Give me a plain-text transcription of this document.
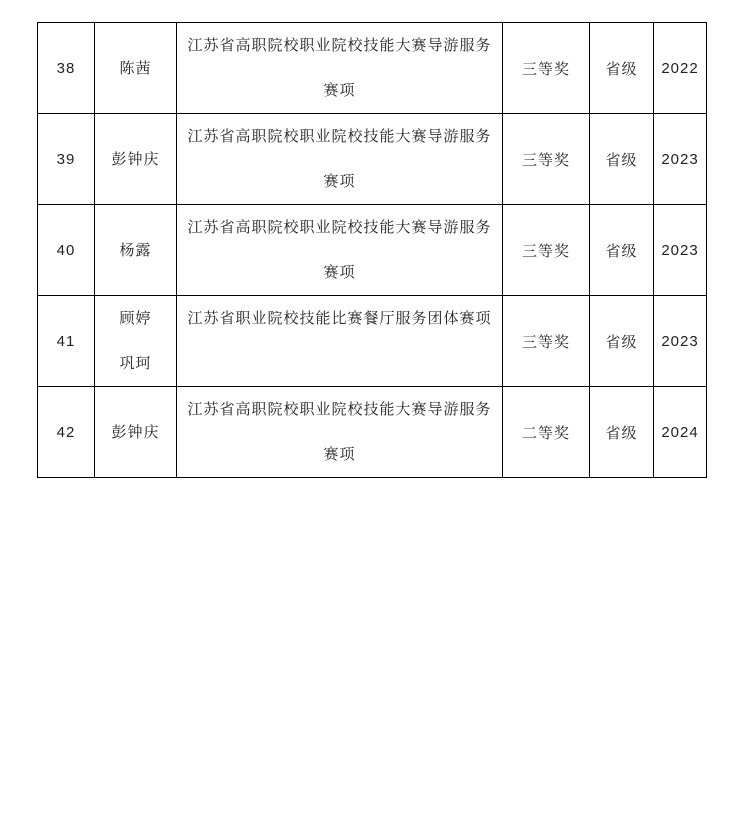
38	陈茜	江苏省高职院校职业院校技能大赛导游服务赛项	三等奖	省级	2022
39	彭钟庆	江苏省高职院校职业院校技能大赛导游服务赛项	三等奖	省级	2023
40	杨露	江苏省高职院校职业院校技能大赛导游服务赛项	三等奖	省级	2023
41	顾婷 巩珂	江苏省职业院校技能比赛餐厅服务团体赛项	三等奖	省级	2023
42	彭钟庆	江苏省高职院校职业院校技能大赛导游服务赛项	二等奖	省级	2024
